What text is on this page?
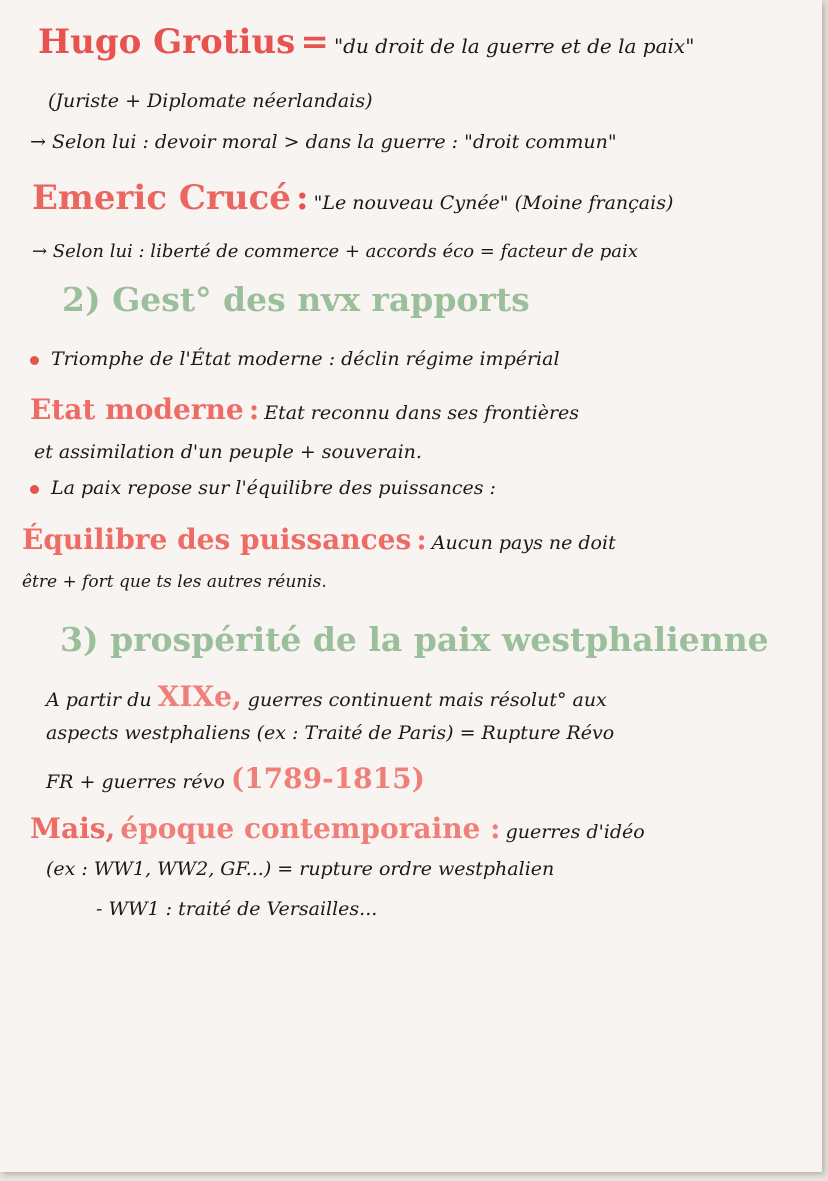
Hugo Grotius = "du droit de la guerre et de la paix"
(Juriste + Diplomate néerlandais)
→ Selon lui : devoir moral > dans la guerre : "droit commun"
Emeric Crucé : "Le nouveau Cynée" (Moine français)
→ Selon lui : liberté de commerce + accords éco = facteur de paix
2) Gest° des nvx rapports
Triomphe de l'État moderne : déclin régime impérial
Etat moderne : Etat reconnu dans ses frontières
et assimilation d'un peuple + souverain.
La paix repose sur l'équilibre des puissances :
Équilibre des puissances : Aucun pays ne doit
être + fort que ts les autres réunis.
3) prospérité de la paix westphalienne
A partir du XIXe, guerres continuent mais résolut° aux
aspects westphaliens (ex : Traité de Paris) = Rupture Révo
FR + guerres révo (1789-1815)
Mais, époque contemporaine : guerres d'idéo
(ex : WW1, WW2, GF...) = rupture ordre westphalien
- WW1 : traité de Versailles...
